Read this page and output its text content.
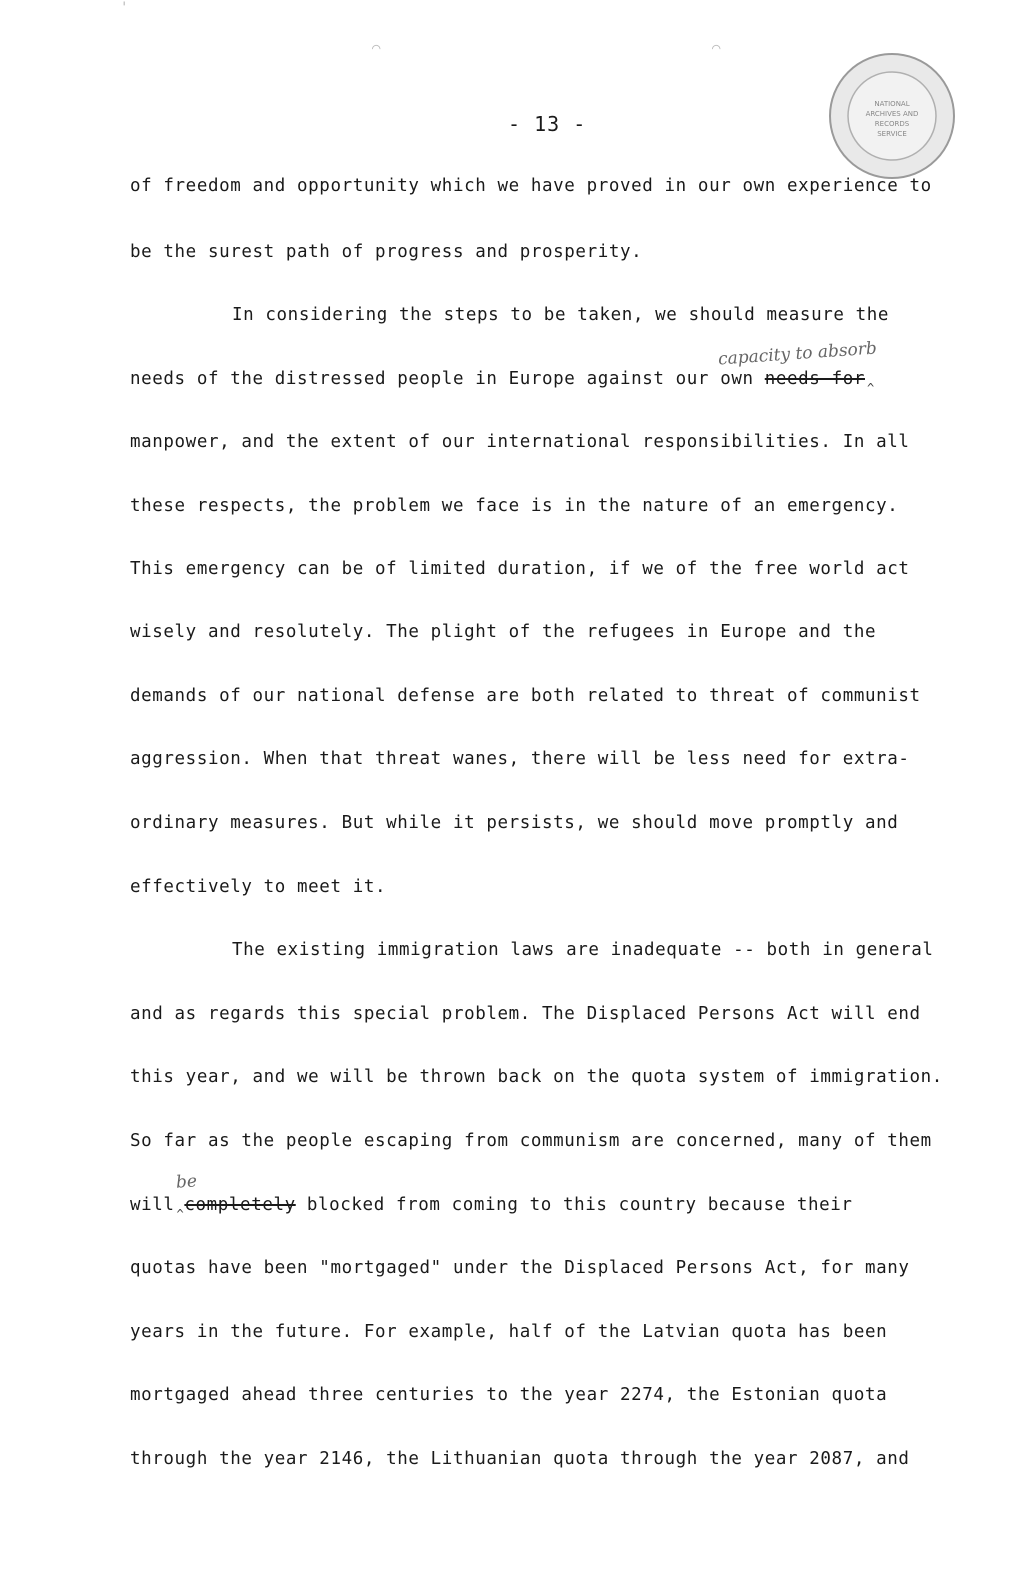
- 13 -
NATIONAL
ARCHIVES AND
RECORDS
SERVICE
of freedom and opportunity which we have proved in our own experience to
be the surest path of progress and prosperity.
In considering the steps to be taken, we should measure the
capacity to absorb
needs of the distressed people in Europe against our own needs for ^
manpower, and the extent of our international responsibilities. In all
these respects, the problem we face is in the nature of an emergency.
This emergency can be of limited duration, if we of the free world act
wisely and resolutely. The plight of the refugees in Europe and the
demands of our national defense are both related to threat of communist
aggression. When that threat wanes, there will be less need for extra-
ordinary measures. But while it persists, we should move promptly and
effectively to meet it.
The existing immigration laws are inadequate -- both in general
and as regards this special problem. The Displaced Persons Act will end
this year, and we will be thrown back on the quota system of immigration.
So far as the people escaping from communism are concerned, many of them
be
will ^completely blocked from coming to this country because their
quotas have been "mortgaged" under the Displaced Persons Act, for many
years in the future. For example, half of the Latvian quota has been
mortgaged ahead three centuries to the year 2274, the Estonian quota
through the year 2146, the Lithuanian quota through the year 2087, and
'
⌒	⌒
